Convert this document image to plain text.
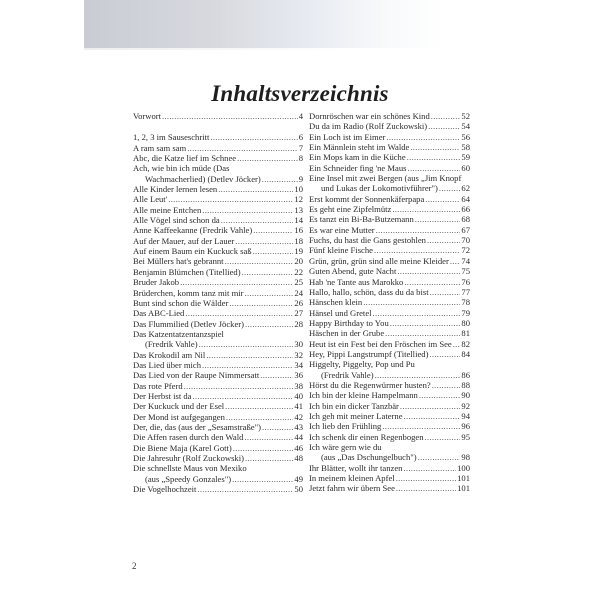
Inhaltsverzeichnis
Vorwort .....	4
1, 2, 3 im Sauseschritt .....	6
A ram sam sam .....	7
Abc, die Katze lief im Schnee .....	8
Ach, wie bin ich müde (Das
Wachmacherlied) (Detlev Jöcker) .....	9
Alle Kinder lernen lesen .....	10
Alle Leut' .....	12
Alle meine Entchen .....	13
Alle Vögel sind schon da .....	14
Anne Kaffeekanne (Fredrik Vahle) .....	16
Auf der Mauer, auf der Lauer .....	18
Auf einem Baum ein Kuckuck saß .....	19
Bei Müllers hat's gebrannt .....	20
Benjamin Blümchen (Titellied) .....	22
Bruder Jakob .....	25
Brüderchen, komm tanz mit mir .....	24
Bunt sind schon die Wälder .....	26
Das ABC-Lied .....	27
Das Flummilied (Detlev Jöcker) .....	28
Das Katzentatzentanzspiel
(Fredrik Vahle) .....	30
Das Krokodil am Nil .....	32
Das Lied über mich .....	34
Das Lied von der Raupe Nimmersatt .....	36
Das rote Pferd .....	38
Der Herbst ist da .....	40
Der Kuckuck und der Esel .....	41
Der Mond ist aufgegangen .....	42
Der, die, das (aus der „Sesamstraße") .....	43
Die Affen rasen durch den Wald .....	44
Die Biene Maja (Karel Gott) .....	46
Die Jahresuhr (Rolf Zuckowski) .....	48
Die schnellste Maus von Mexiko
(aus „Speedy Gonzales") .....	49
Die Vogelhochzeit .....	50
Dornröschen war ein schönes Kind .....	52
Du da im Radio (Rolf Zuckowski) .....	54
Ein Loch ist im Eimer .....	56
Ein Männlein steht im Walde .....	58
Ein Mops kam in die Küche .....	59
Ein Schneider fing 'ne Maus .....	60
Eine Insel mit zwei Bergen (aus „Jim Knopf
und Lukas der Lokomotivführer") .....	62
Erst kommt der Sonnenkäferpapa .....	64
Es geht eine Zipfelmütz .....	66
Es tanzt ein Bi-Ba-Butzemann .....	68
Es war eine Mutter .....	67
Fuchs, du hast die Gans gestohlen .....	70
Fünf kleine Fische .....	72
Grün, grün, grün sind alle meine Kleider ..... 74
Guten Abend, gute Nacht .....	75
Hab 'ne Tante aus Marokko .....	76
Hallo, hallo, schön, dass du da bist .....	77
Hänschen klein .....	78
Hänsel und Gretel .....	79
Happy Birthday to You .....	80
Häschen in der Grube .....	81
Heut ist ein Fest bei den Fröschen im See ..... 82
Hey, Pippi Langstrumpf (Titellied) .....	84
Higgelty, Piggelty, Pop und Pu
(Fredrik Vahle) .....	86
Hörst du die Regenwürmer husten? .....	88
Ich bin der kleine Hampelmann .....	90
Ich bin ein dicker Tanzbär .....	92
Ich geh mit meiner Laterne .....	94
Ich lieb den Frühling .....	96
Ich schenk dir einen Regenbogen .....	95
Ich wäre gern wie du
(aus „Das Dschungelbuch") .....	98
Ihr Blätter, wollt ihr tanzen .....	100
In meinem kleinen Apfel .....	101
Jetzt fahrn wir übern See .....	101
2
